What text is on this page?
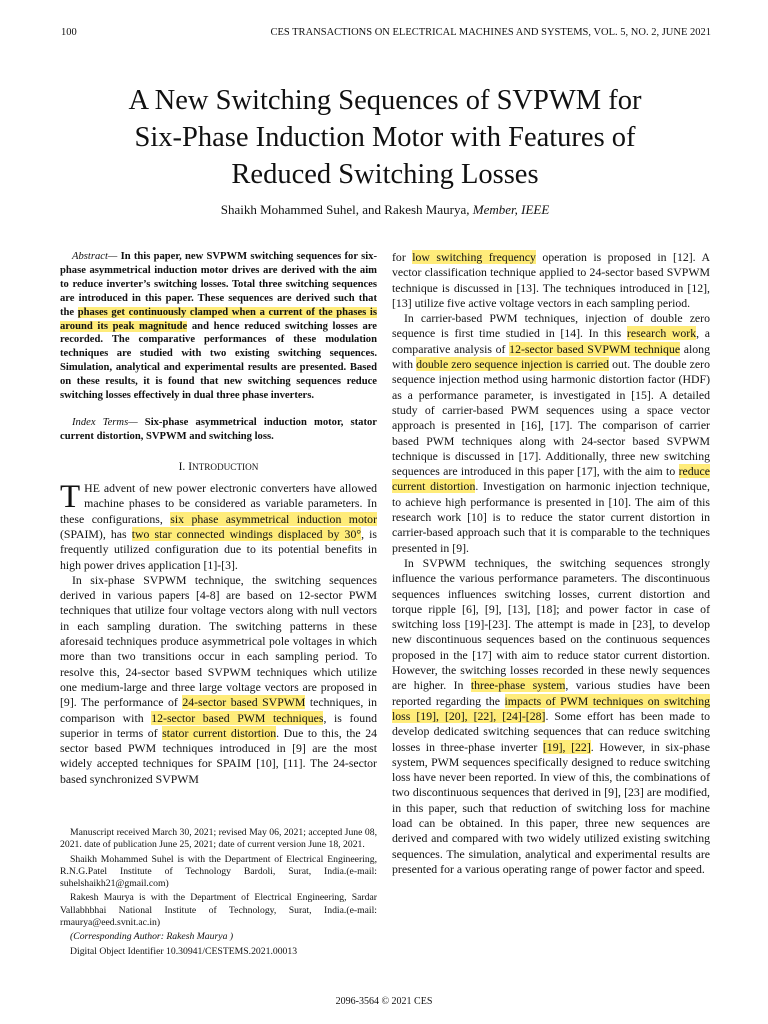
100	CES TRANSACTIONS ON ELECTRICAL MACHINES AND SYSTEMS, VOL. 5, NO. 2, JUNE 2021
A New Switching Sequences of SVPWM for
Six-Phase Induction Motor with Features of
Reduced Switching Losses
Shaikh Mohammed Suhel, and Rakesh Maurya, Member, IEEE

Abstract— In this paper, new SVPWM switching sequences for six-phase asymmetrical induction motor drives are derived with the aim to reduce inverter’s switching losses. Total three switching sequences are introduced in this paper. These sequences are derived such that the phases get continuously clamped when a current of the phases is around its peak magnitude and hence reduced switching losses are recorded. The comparative performances of these modulation techniques are studied with two existing switching sequences. Simulation, analytical and experimental results are presented. Based on these results, it is found that new switching sequences reduce switching losses effectively in dual three phase inverters.

Index Terms— Six-phase asymmetrical induction motor, stator current distortion, SVPWM and switching loss.

I. INTRODUCTION

THE advent of new power electronic converters have allowed machine phases to be considered as variable parameters. In these configurations, six phase asymmetrical induction motor (SPAIM), has two star connected windings displaced by 30°, is frequently utilized configuration due to its potential benefits in high power drives application [1]-[3].

In six-phase SVPWM technique, the switching sequences derived in various papers [4-8] are based on 12-sector PWM techniques that utilize four voltage vectors along with null vectors in each sampling duration. The switching patterns in these aforesaid techniques produce asymmetrical pole voltages in which more than two transitions occur in each sampling period. To resolve this, 24-sector based SVPWM techniques which utilize one medium-large and three large voltage vectors are proposed in [9]. The performance of 24-sector based SVPWM techniques, in comparison with 12-sector based PWM techniques, is found superior in terms of stator current distortion. Due to this, the 24 sector based PWM techniques introduced in [9] are the most widely accepted techniques for SPAIM [10], [11]. The 24-sector based synchronized SVPWM

Manuscript received March 30, 2021; revised May 06, 2021; accepted June 08, 2021. date of publication June 25, 2021; date of current version June 18, 2021.

Shaikh Mohammed Suhel is with the Department of Electrical Engineering, R.N.G.Patel Institute of Technology Bardoli, Surat, India.(e-mail: suhelshaikh21@gmail.com)

Rakesh Maurya is with the Department of Electrical Engineering, Sardar Vallabhbhai National Institute of Technology, Surat, India.(e-mail: rmaurya@eed.svnit.ac.in)

(Corresponding Author: Rakesh Maurya )

Digital Object Identifier 10.30941/CESTEMS.2021.00013

for low switching frequency operation is proposed in [12]. A vector classification technique applied to 24-sector based SVPWM technique is discussed in [13]. The techniques introduced in [12], [13] utilize five active voltage vectors in each sampling period.

In carrier-based PWM techniques, injection of double zero sequence is first time studied in [14]. In this research work, a comparative analysis of 12-sector based SVPWM technique along with double zero sequence injection is carried out. The double zero sequence injection method using harmonic distortion factor (HDF) as a performance parameter, is investigated in [15]. A detailed study of carrier-based PWM sequences using a space vector approach is presented in [16], [17]. The comparison of carrier based PWM techniques along with 24-sector based SVPWM technique is discussed in [17]. Additionally, three new switching sequences are introduced in this paper [17], with the aim to reduce current distortion. Investigation on harmonic injection technique, to achieve high performance is presented in [10]. The aim of this research work [10] is to reduce the stator current distortion in carrier-based approach such that it is comparable to the techniques presented in [9].

In SVPWM techniques, the switching sequences strongly influence the various performance parameters. The discontinuous sequences influences switching losses, current distortion and torque ripple [6], [9], [13], [18]; and power factor in case of switching loss [19]-[23]. The attempt is made in [23], to develop new discontinuous sequences based on the continuous sequences proposed in the [17] with aim to reduce stator current distortion. However, the switching losses recorded in these newly sequences are higher. In three-phase system, various studies have been reported regarding the impacts of PWM techniques on switching loss [19], [20], [22], [24]-[28]. Some effort has been made to develop dedicated switching sequences that can reduce switching losses in three-phase inverter [19], [22]. However, in six-phase system, PWM sequences specifically designed to reduce switching loss have never been reported. In view of this, the combinations of two discontinuous sequences that derived in [9], [23] are modified, in this paper, such that reduction of switching loss for machine load can be obtained. In this paper, three new sequences are derived and compared with two widely utilized existing switching sequences. The simulation, analytical and experimental results are presented for a various operating range of power factor and speed.

2096-3564 © 2021 CES
